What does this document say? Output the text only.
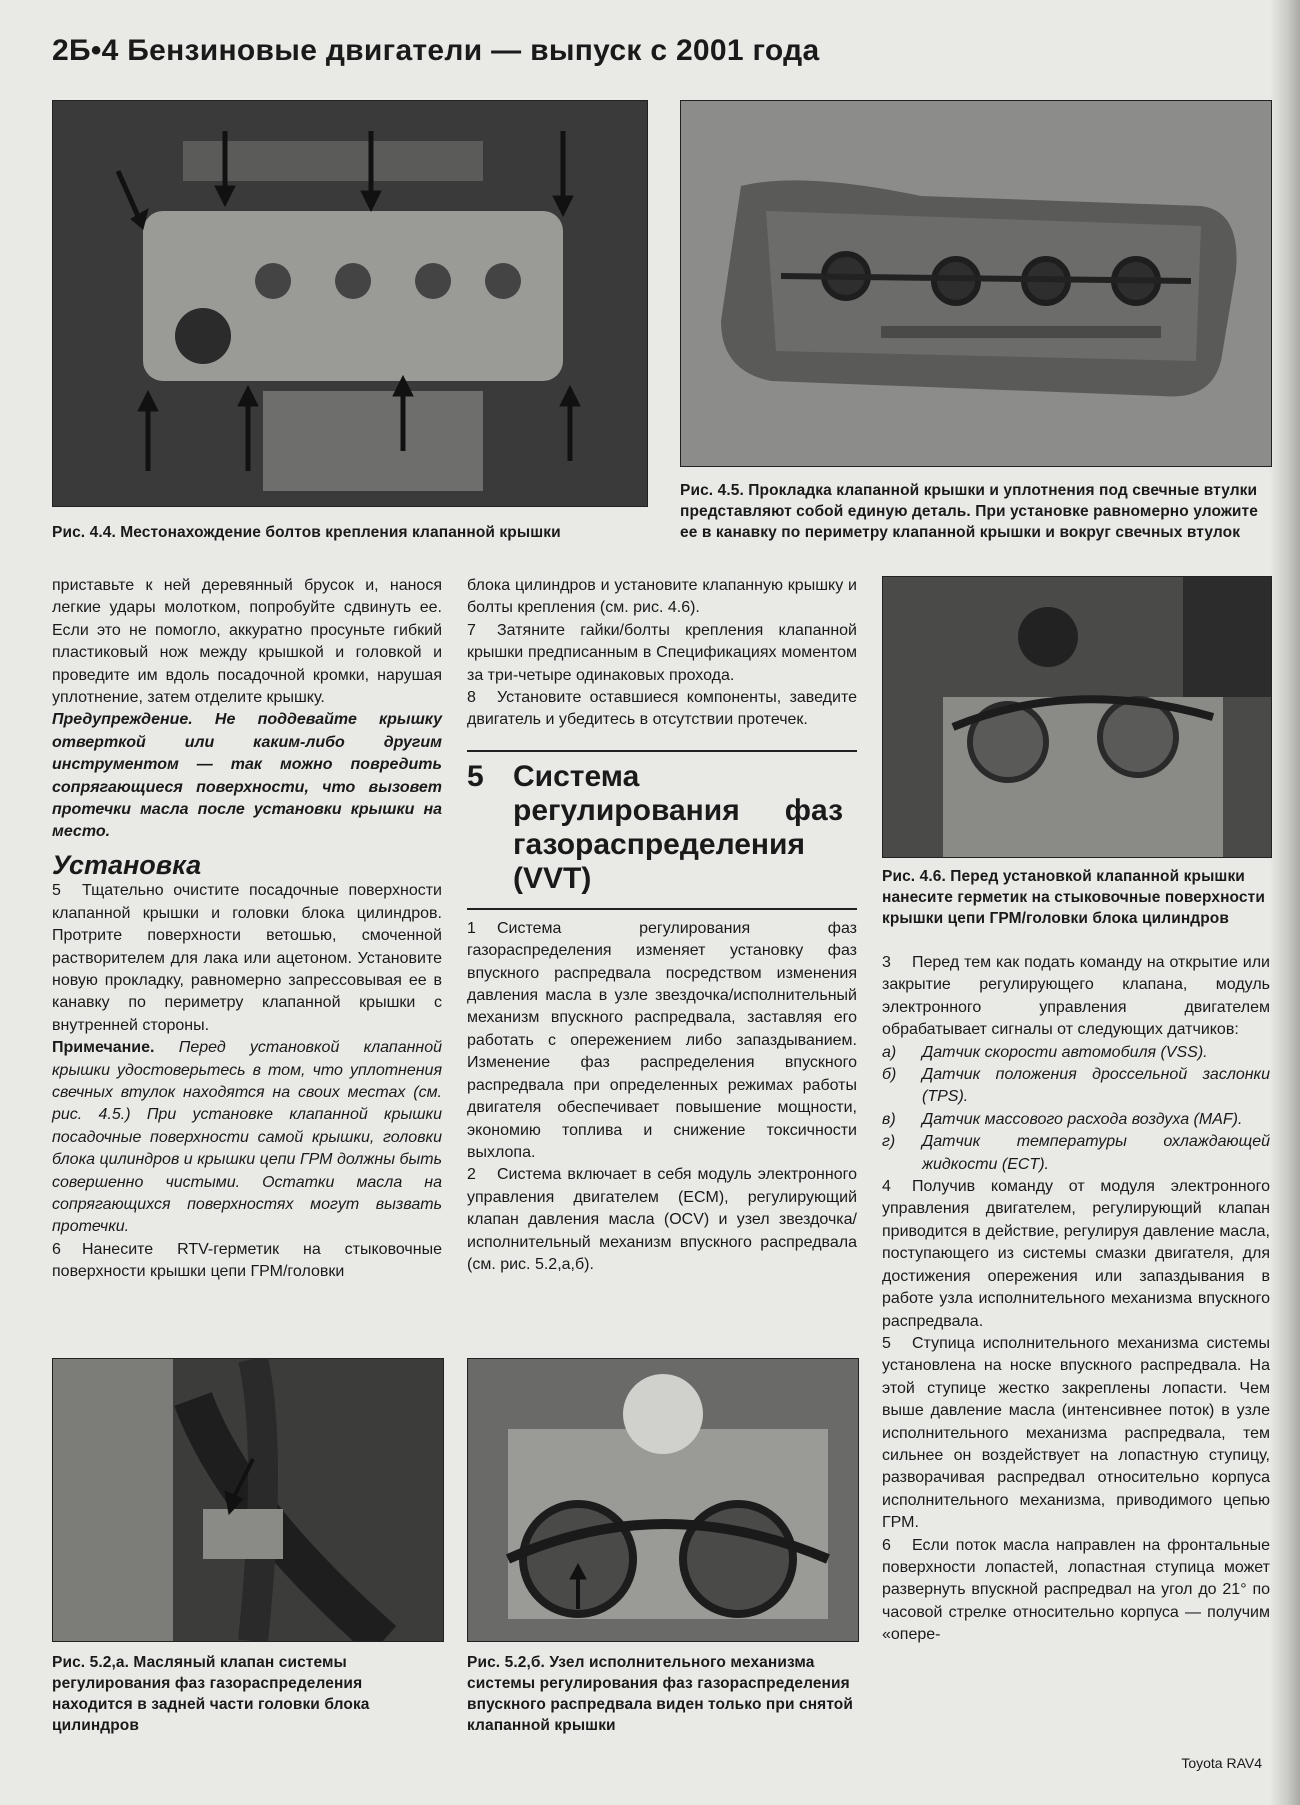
2Б•4 Бензиновые двигатели — выпуск с 2001 года
Рис. 4.4. Местонахождение болтов крепления клапанной крышки
Рис. 4.5. Прокладка клапанной крышки и уплотнения под свечные втулки представляют собой единую деталь. При установке равномерно уложите ее в канавку по периметру клапанной крышки и вокруг свечных втулок

приставьте к ней деревянный брусок и, нанося легкие удары молотком, попробуйте сдвинуть ее. Если это не помогло, аккуратно просуньте гибкий пластиковый нож между крышкой и головкой и проведите им вдоль посадочной кромки, нарушая уплотнение, затем отделите крышку.

Предупреждение. Не поддевайте крышку отверткой или каким-либо другим инструментом — так можно повредить сопрягающиеся поверхности, что вызовет протечки масла после установки крышки на место.

Установка

5 Тщательно очистите посадочные поверхности клапанной крышки и головки блока цилиндров. Протрите поверхности ветошью, смоченной растворителем для лака или ацетоном. Установите новую прокладку, равномерно запрессовывая ее в канавку по периметру клапанной крышки с внутренней стороны.

Примечание. Перед установкой клапанной крышки удостоверьтесь в том, что уплотнения свечных втулок находятся на своих местах (см. рис. 4.5.) При установке клапанной крышки посадочные поверхности самой крышки, головки блока цилиндров и крышки цепи ГРМ должны быть совершенно чистыми. Остатки масла на сопрягающихся поверхностях могут вызвать протечки.

6 Нанесите RTV-герметик на стыковочные поверхности крышки цепи ГРМ/головки

блока цилиндров и установите клапанную крышку и болты крепления (см. рис. 4.6).

7 Затяните гайки/болты крепления клапанной крышки предписанным в Спецификациях моментом за три-четыре одинаковых прохода.

8 Установите оставшиеся компоненты, заведите двигатель и убедитесь в отсутствии протечек.

5 Система регулирования фаз газораспределения (VVT)

1 Система регулирования фаз газораспределения изменяет установку фаз впускного распредвала посредством изменения давления масла в узле звездочка/исполнительный механизм впускного распредвала, заставляя его работать с опережением либо запаздыванием. Изменение фаз распределения впускного распредвала при определенных режимах работы двигателя обеспечивает повышение мощности, экономию топлива и снижение токсичности выхлопа.

2 Система включает в себя модуль электронного управления двигателем (ECM), регулирующий клапан давления масла (OCV) и узел звездочка/исполнительный механизм впускного распредвала (см. рис. 5.2,а,б).

Рис. 4.6. Перед установкой клапанной крышки нанесите герметик на стыковочные поверхности крышки цепи ГРМ/головки блока цилиндров

3 Перед тем как подать команду на открытие или закрытие регулирующего клапана, модуль электронного управления двигателем обрабатывает сигналы от следующих датчиков:

а) Датчик скорости автомобиля (VSS).

б) Датчик положения дроссельной заслонки (TPS).

в) Датчик массового расхода воздуха (MAF).

г) Датчик температуры охлаждающей жидкости (ECT).

4 Получив команду от модуля электронного управления двигателем, регулирующий клапан приводится в действие, регулируя давление масла, поступающего из системы смазки двигателя, для достижения опережения или запаздывания в работе узла исполнительного механизма впускного распредвала.

5 Ступица исполнительного механизма системы установлена на носке впускного распредвала. На этой ступице жестко закреплены лопасти. Чем выше давление масла (интенсивнее поток) в узле исполнительного механизма распредвала, тем сильнее он воздействует на лопастную ступицу, разворачивая распредвал относительно корпуса исполнительного механизма, приводимого цепью ГРМ.

6 Если поток масла направлен на фронтальные поверхности лопастей, лопастная ступица может развернуть впускной распредвал на угол до 21° по часовой стрелке относительно корпуса — получим «опере-

Рис. 5.2,а. Масляный клапан системы регулирования фаз газораспределения находится в задней части головки блока цилиндров
Рис. 5.2,б. Узел исполнительного механизма системы регулирования фаз газораспределения впускного распредвала виден только при снятой клапанной крышки
Toyota RAV4
